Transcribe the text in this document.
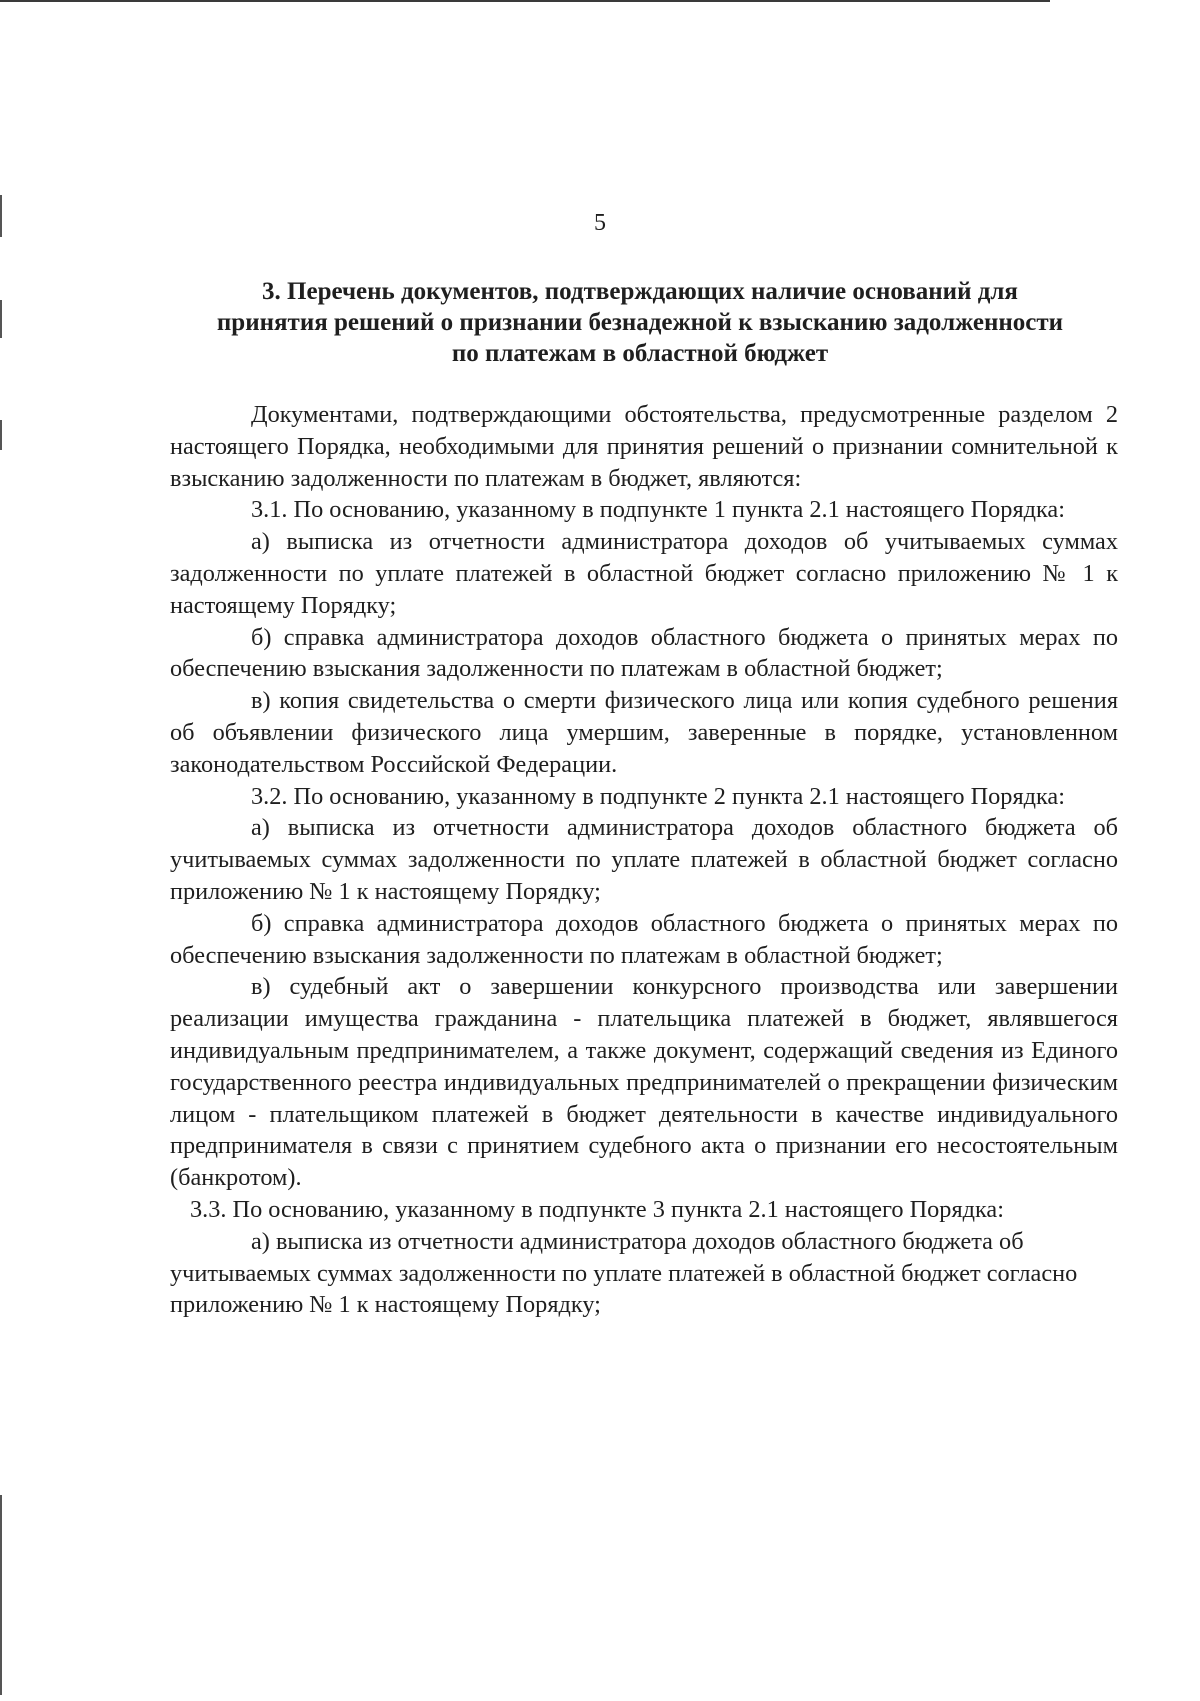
5
3. Перечень документов, подтверждающих наличие оснований для
принятия решений о признании безнадежной к взысканию задолженности
по платежам в областной бюджет

Документами, подтверждающими обстоятельства, предусмотренные разделом 2 настоящего Порядка, необходимыми для принятия решений о признании сомнительной к взысканию задолженности по платежам в бюджет, являются:

3.1. По основанию, указанному в подпункте 1 пункта 2.1 настоящего Порядка:

а) выписка из отчетности администратора доходов об учитываемых суммах задолженности по уплате платежей в областной бюджет согласно приложению № 1 к настоящему Порядку;

б) справка администратора доходов областного бюджета о принятых мерах по обеспечению взыскания задолженности по платежам в областной бюджет;

в) копия свидетельства о смерти физического лица или копия судебного решения об объявлении физического лица умершим, заверенные в порядке, установленном законодательством Российской Федерации.

3.2. По основанию, указанному в подпункте 2 пункта 2.1 настоящего Порядка:

а) выписка из отчетности администратора доходов областного бюджета об учитываемых суммах задолженности по уплате платежей в областной бюджет согласно приложению № 1 к настоящему Порядку;

б) справка администратора доходов областного бюджета о принятых мерах по обеспечению взыскания задолженности по платежам в областной бюджет;

в) судебный акт о завершении конкурсного производства или завершении реализации имущества гражданина - плательщика платежей в бюджет, являвшегося индивидуальным предпринимателем, а также документ, содержащий сведения из Единого государственного реестра индивидуальных предпринимателей о прекращении физическим лицом - плательщиком платежей в бюджет деятельности в качестве индивидуального предпринимателя в связи с принятием судебного акта о признании его несостоятельным (банкротом).

3.3. По основанию, указанному в подпункте 3 пункта 2.1 настоящего Порядка:

а) выписка из отчетности администратора доходов областного бюджета об учитываемых суммах задолженности по уплате платежей в областной бюджет согласно приложению № 1 к настоящему Порядку;
